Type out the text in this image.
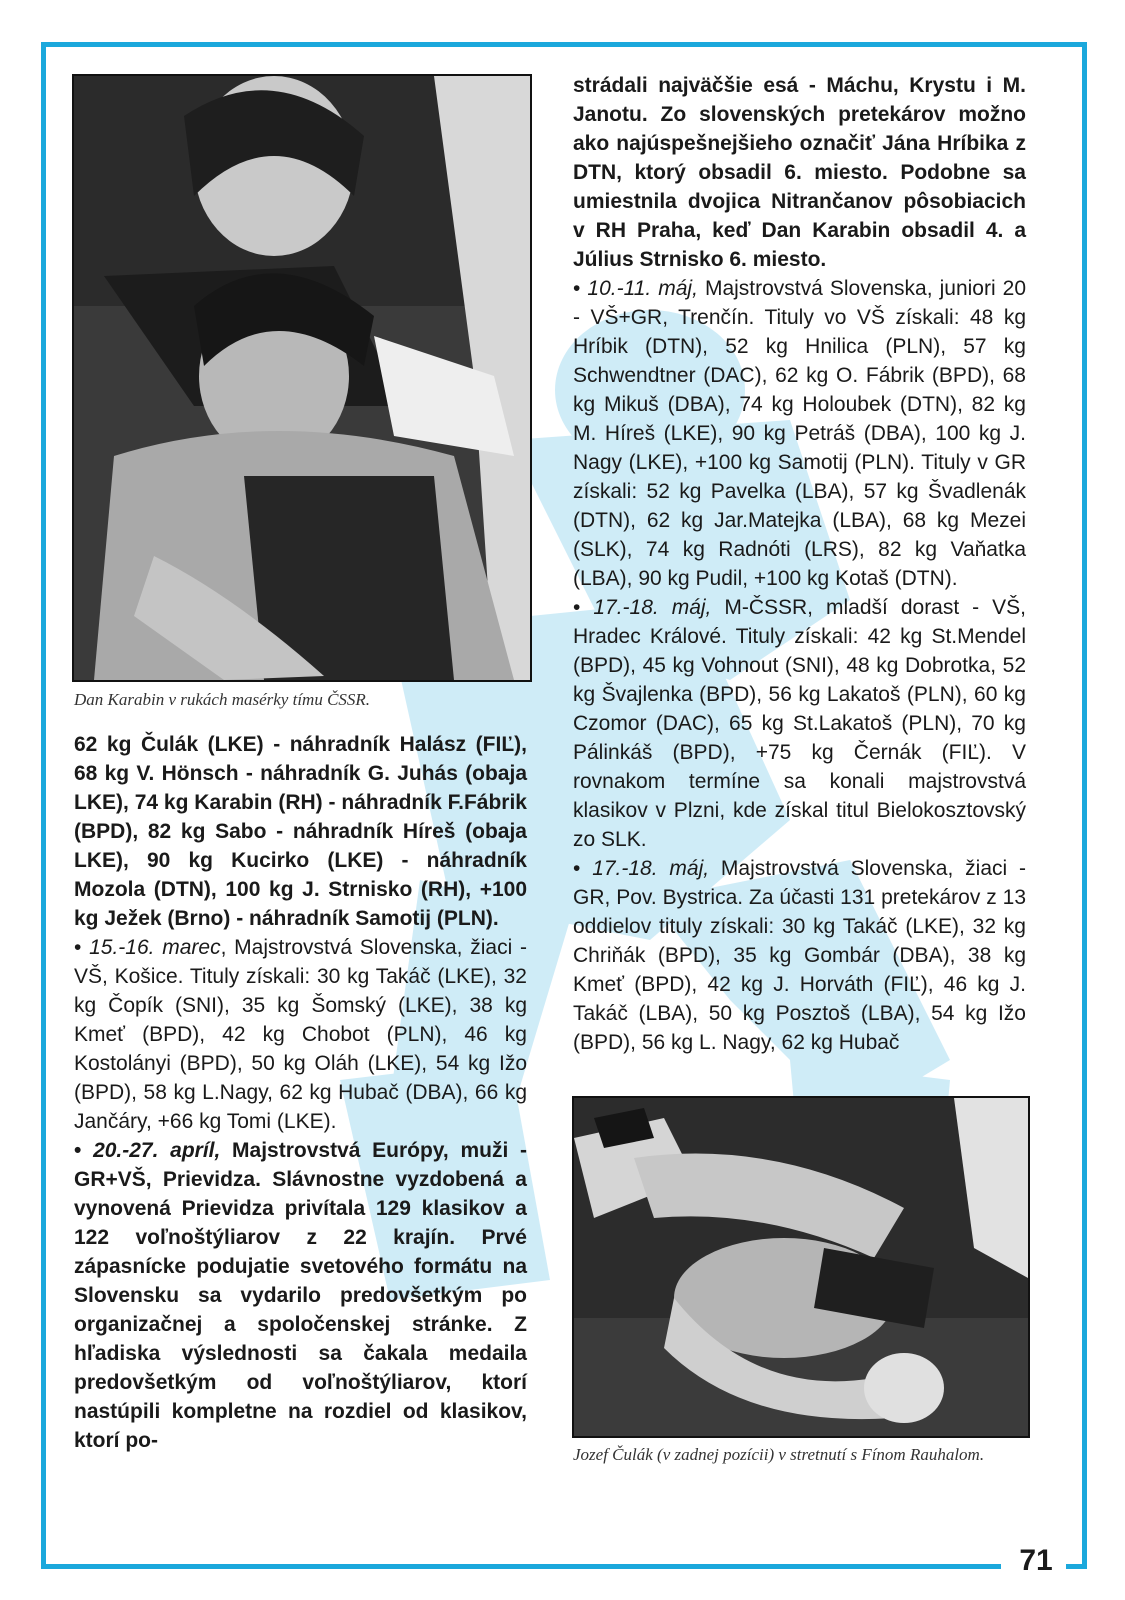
71
Dan Karabin v rukách masérky tímu ČSSR.
Jozef Čulák (v zadnej pozícii) v stretnutí s Fínom Rauhalom.

62 kg Čulák (LKE) - náhradník Halász (FIĽ), 68 kg V. Hönsch - náhradník G. Juhás (obaja LKE), 74 kg Karabin (RH) - náhradník F.Fábrik (BPD), 82 kg Sabo - náhradník Híreš (obaja LKE), 90 kg Kucirko (LKE) - náhradník Mozola (DTN), 100 kg J. Strnisko (RH), +100 kg Ježek (Brno) - náhradník Samotij (PLN).

• 15.-16. marec, Majstrovstvá Slovenska, žiaci - VŠ, Košice. Tituly získali: 30 kg Takáč (LKE), 32 kg Čopík (SNI), 35 kg Šomský (LKE), 38 kg Kmeť (BPD), 42 kg Chobot (PLN), 46 kg Kostolányi (BPD), 50 kg Oláh (LKE), 54 kg Ižo (BPD), 58 kg L.Nagy, 62 kg Hubač (DBA), 66 kg Jančáry, +66 kg Tomi (LKE).

• 20.-27. apríl, Majstrovstvá Európy, muži - GR+VŠ, Prievidza. Slávnostne vyzdobená a vynovená Prievidza privítala 129 klasikov a 122 voľnoštýliarov z 22 krajín. Prvé zápasnícke podujatie svetového formátu na Slovensku sa vydarilo predovšetkým po organizačnej a spoločenskej stránke. Z hľadiska výslednosti sa čakala medaila predovšetkým od voľnoštýliarov, ktorí nastúpili kompletne na rozdiel od klasikov, ktorí po-

strádali najväčšie esá - Máchu, Krystu i M. Janotu. Zo slovenských pretekárov možno ako najúspešnejšieho označiť Jána Hríbika z DTN, ktorý obsadil 6. miesto. Podobne sa umiestnila dvojica Nitrančanov pôsobiacich v RH Praha, keď Dan Karabin obsadil 4. a Július Strnisko 6. miesto.

• 10.-11. máj, Majstrovstvá Slovenska, juniori 20 - VŠ+GR, Trenčín. Tituly vo VŠ získali: 48 kg Hríbik (DTN), 52 kg Hnilica (PLN), 57 kg Schwendtner (DAC), 62 kg O. Fábrik (BPD), 68 kg Mikuš (DBA), 74 kg Holoubek (DTN), 82 kg M. Híreš (LKE), 90 kg Petráš (DBA), 100 kg J. Nagy (LKE), +100 kg Samotij (PLN). Tituly v GR získali: 52 kg Pavelka (LBA), 57 kg Švadlenák (DTN), 62 kg Jar.Matejka (LBA), 68 kg Mezei (SLK), 74 kg Radnóti (LRS), 82 kg Vaňatka (LBA), 90 kg Pudil, +100 kg Kotaš (DTN).

• 17.-18. máj, M-ČSSR, mladší dorast - VŠ, Hradec Králové. Tituly získali: 42 kg St.Mendel (BPD), 45 kg Vohnout (SNI), 48 kg Dobrotka, 52 kg Švajlenka (BPD), 56 kg Lakatoš (PLN), 60 kg Czomor (DAC), 65 kg St.Lakatoš (PLN), 70 kg Pálinkáš (BPD), +75 kg Černák (FIĽ). V rovnakom termíne sa konali majstrovstvá klasikov v Plzni, kde získal titul Bielokosztovský zo SLK.

• 17.-18. máj, Majstrovstvá Slovenska, žiaci - GR, Pov. Bystrica. Za účasti 131 pretekárov z 13 oddielov tituly získali: 30 kg Takáč (LKE), 32 kg Chriňák (BPD), 35 kg Gombár (DBA), 38 kg Kmeť (BPD), 42 kg J. Horváth (FIĽ), 46 kg J. Takáč (LBA), 50 kg Posztoš (LBA), 54 kg Ižo (BPD), 56 kg L. Nagy, 62 kg Hubač
